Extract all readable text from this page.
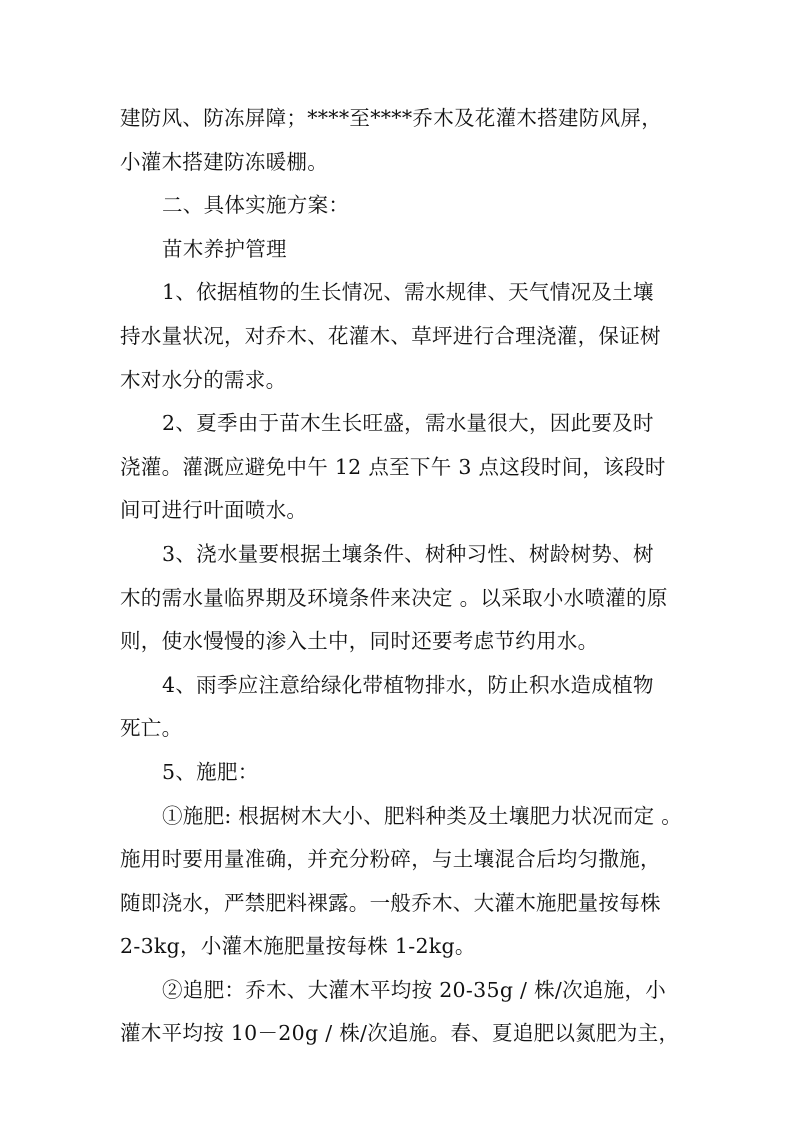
建防风、防冻屏障；****至****乔木及花灌木搭建防风屏，
小灌木搭建防冻暖棚。
二、具体实施方案：
苗木养护管理
1、依据植物的生长情况、需水规律、天气情况及土壤
持水量状况，对乔木、花灌木、草坪进行合理浇灌，保证树
木对水分的需求。
2、夏季由于苗木生长旺盛，需水量很大，因此要及时
浇灌。灌溉应避免中午 12 点至下午 3 点这段时间，该段时
间可进行叶面喷水。
3、浇水量要根据土壤条件、树种习性、树龄树势、树
木的需水量临界期及环境条件来决定 。以采取小水喷灌的原
则，使水慢慢的渗入土中，同时还要考虑节约用水。
4、雨季应注意给绿化带植物排水，防止积水造成植物
死亡。
5、施肥：
①施肥: 根据树木大小、肥料种类及土壤肥力状况而定 。
施用时要用量准确，并充分粉碎，与土壤混合后均匀撒施，
随即浇水，严禁肥料裸露。一般乔木、大灌木施肥量按每株
2-3kg，小灌木施肥量按每株 1-2kg。
②追肥：乔木、大灌木平均按 20-35g / 株/次追施，小
灌木平均按 10－20g / 株/次追施。春、夏追肥以氮肥为主，
